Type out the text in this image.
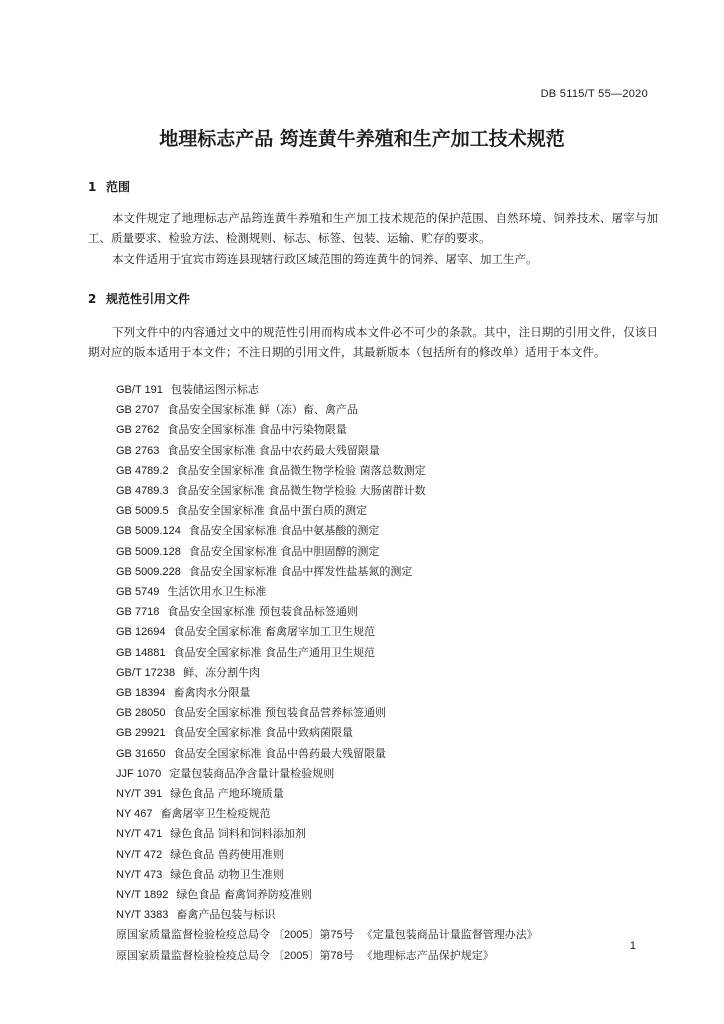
DB 5115/T 55—2020
地理标志产品 筠连黄牛养殖和生产加工技术规范
1 范围

本文件规定了地理标志产品筠连黄牛养殖和生产加工技术规范的保护范围、自然环境、饲养技术、屠宰与加工、质量要求、检验方法、检测规则、标志、标签、包装、运输、贮存的要求。

本文件适用于宜宾市筠连县现辖行政区域范围的筠连黄牛的饲养、屠宰、加工生产。

2 规范性引用文件

下列文件中的内容通过文中的规范性引用而构成本文件必不可少的条款。其中，注日期的引用文件，仅该日期对应的版本适用于本文件；不注日期的引用文件，其最新版本（包括所有的修改单）适用于本文件。

GB/T 191 包装储运图示标志
GB 2707 食品安全国家标准 鲜（冻）畜、禽产品
GB 2762 食品安全国家标准 食品中污染物限量
GB 2763 食品安全国家标准 食品中农药最大残留限量
GB 4789.2 食品安全国家标准 食品微生物学检验 菌落总数测定
GB 4789.3 食品安全国家标准 食品微生物学检验 大肠菌群计数
GB 5009.5 食品安全国家标准 食品中蛋白质的测定
GB 5009.124 食品安全国家标准 食品中氨基酸的测定
GB 5009.128 食品安全国家标准 食品中胆固醇的测定
GB 5009.228 食品安全国家标准 食品中挥发性盐基氮的测定
GB 5749 生活饮用水卫生标准
GB 7718 食品安全国家标准 预包装食品标签通则
GB 12694 食品安全国家标准 畜禽屠宰加工卫生规范
GB 14881 食品安全国家标准 食品生产通用卫生规范
GB/T 17238 鲜、冻分割牛肉
GB 18394 畜禽肉水分限量
GB 28050 食品安全国家标准 预包装食品营养标签通则
GB 29921 食品安全国家标准 食品中致病菌限量
GB 31650 食品安全国家标准 食品中兽药最大残留限量
JJF 1070 定量包装商品净含量计量检验规则
NY/T 391 绿色食品 产地环境质量
NY 467 畜禽屠宰卫生检疫规范
NY/T 471 绿色食品 饲料和饲料添加剂
NY/T 472 绿色食品 兽药使用准则
NY/T 473 绿色食品 动物卫生准则
NY/T 1892 绿色食品 畜禽饲养防疫准则
NY/T 3383 畜禽产品包装与标识
原国家质量监督检验检疫总局令 〔2005〕第75号 《定量包装商品计量监督管理办法》
原国家质量监督检验检疫总局令 〔2005〕第78号 《地理标志产品保护规定》
1
